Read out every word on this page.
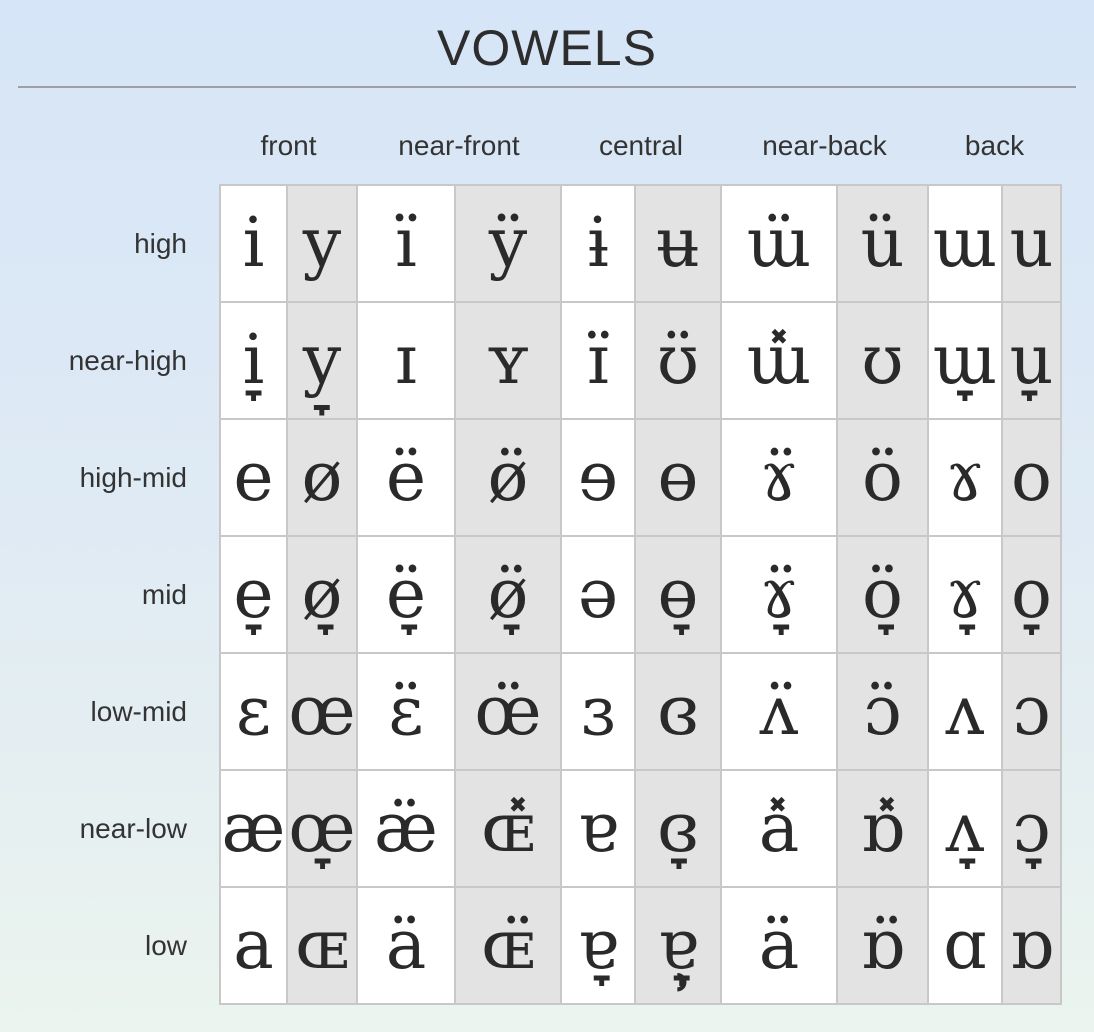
VOWELS
	front		near-front		central		near-back		back	
high	i	y	ï	ÿ	ɨ	ʉ	ɯ̈	ü	ɯ	u
near-high	i̞	y̞	ɪ	ʏ	ɪ̈	ʊ̈	ɯ̽	ʊ	ɯ̞	u̞
high-mid	e	ø	ë	ø̈	ɘ	ɵ	ɤ̈	ö	ɤ	o
mid	e̞	ø̞	ë̞	ø̞̈	ə	ɵ̞	ɤ̞̈	ö̞	ɤ̞	o̞
low-mid	ɛ	œ	ɛ̈	œ̈	ɜ	ɞ	ʌ̈	ɔ̈	ʌ	ɔ
near-low	æ	œ̞	æ̈	ɶ̽	ɐ	ɞ̞	a̽	ɒ̽	ʌ̞	ɔ̞
low	a	ɶ	ä	ɶ̈	ɐ̞	ɐ̞̹	ä	ɒ̈	ɑ	ɒ
